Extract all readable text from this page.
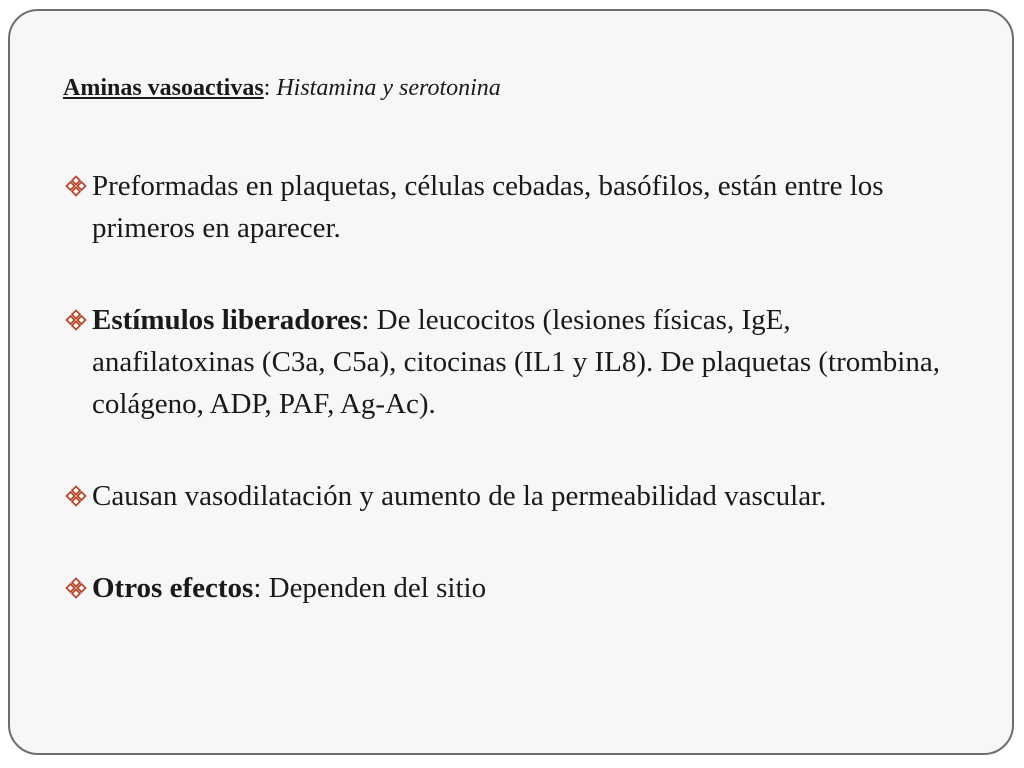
Aminas vasoactivas: Histamina y serotonina
Preformadas en plaquetas, células cebadas, basófilos, están entre los primeros en aparecer.
Estímulos liberadores: De leucocitos (lesiones físicas, IgE, anafilatoxinas (C3a, C5a), citocinas (IL1 y IL8). De plaquetas (trombina, colágeno, ADP, PAF, Ag-Ac).
Causan vasodilatación y aumento de la permeabilidad vascular.
Otros efectos: Dependen del sitio
